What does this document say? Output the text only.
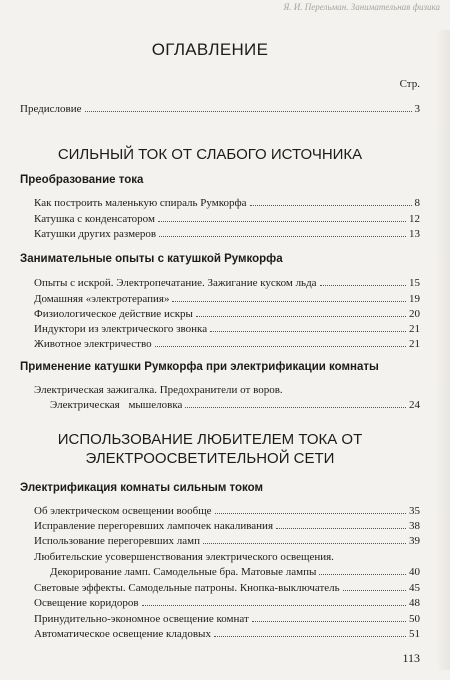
Я. И. Перельман. Занимательная физика
ОГЛАВЛЕНИЕ
Стр.
Предисловие	3
СИЛЬНЫЙ ТОК ОТ СЛАБОГО ИСТОЧНИКА
Преобразование тока
Как построить маленькую спираль Румкорфа	8
Катушка с конденсатором	12
Катушки других размеров	13
Занимательные опыты с катушкой Румкорфа
Опыты с искрой. Электропечатание. Зажигание куском льда	15
Домашняя «электротерапия»	19
Физиологическое действие искры	20
Индуктори из электрического звонка	21
Животное электричество	21
Применение катушки Румкорфа при электрификации комнаты
Электрическая зажигалка. Предохранители от воров.
Электрическая мышеловка	24
ИСПОЛЬЗОВАНИЕ ЛЮБИТЕЛЕМ ТОКА ОТ
ЭЛЕКТРООСВЕТИТЕЛЬНОЙ СЕТИ
Электрификация комнаты сильным током
Об электрическом освещении вообще	35
Исправление перегоревших лампочек накаливания	38
Использование перегоревших ламп	39
Любительские усовершенствования электрического освещения.
Декорирование ламп. Самодельные бра. Матовые лампы	40
Световые эффекты. Самодельные патроны. Кнопка-выключатель	45
Освещение коридоров	48
Принудительно-экономное освещение комнат	50
Автоматическое освещение кладовых	51
113
